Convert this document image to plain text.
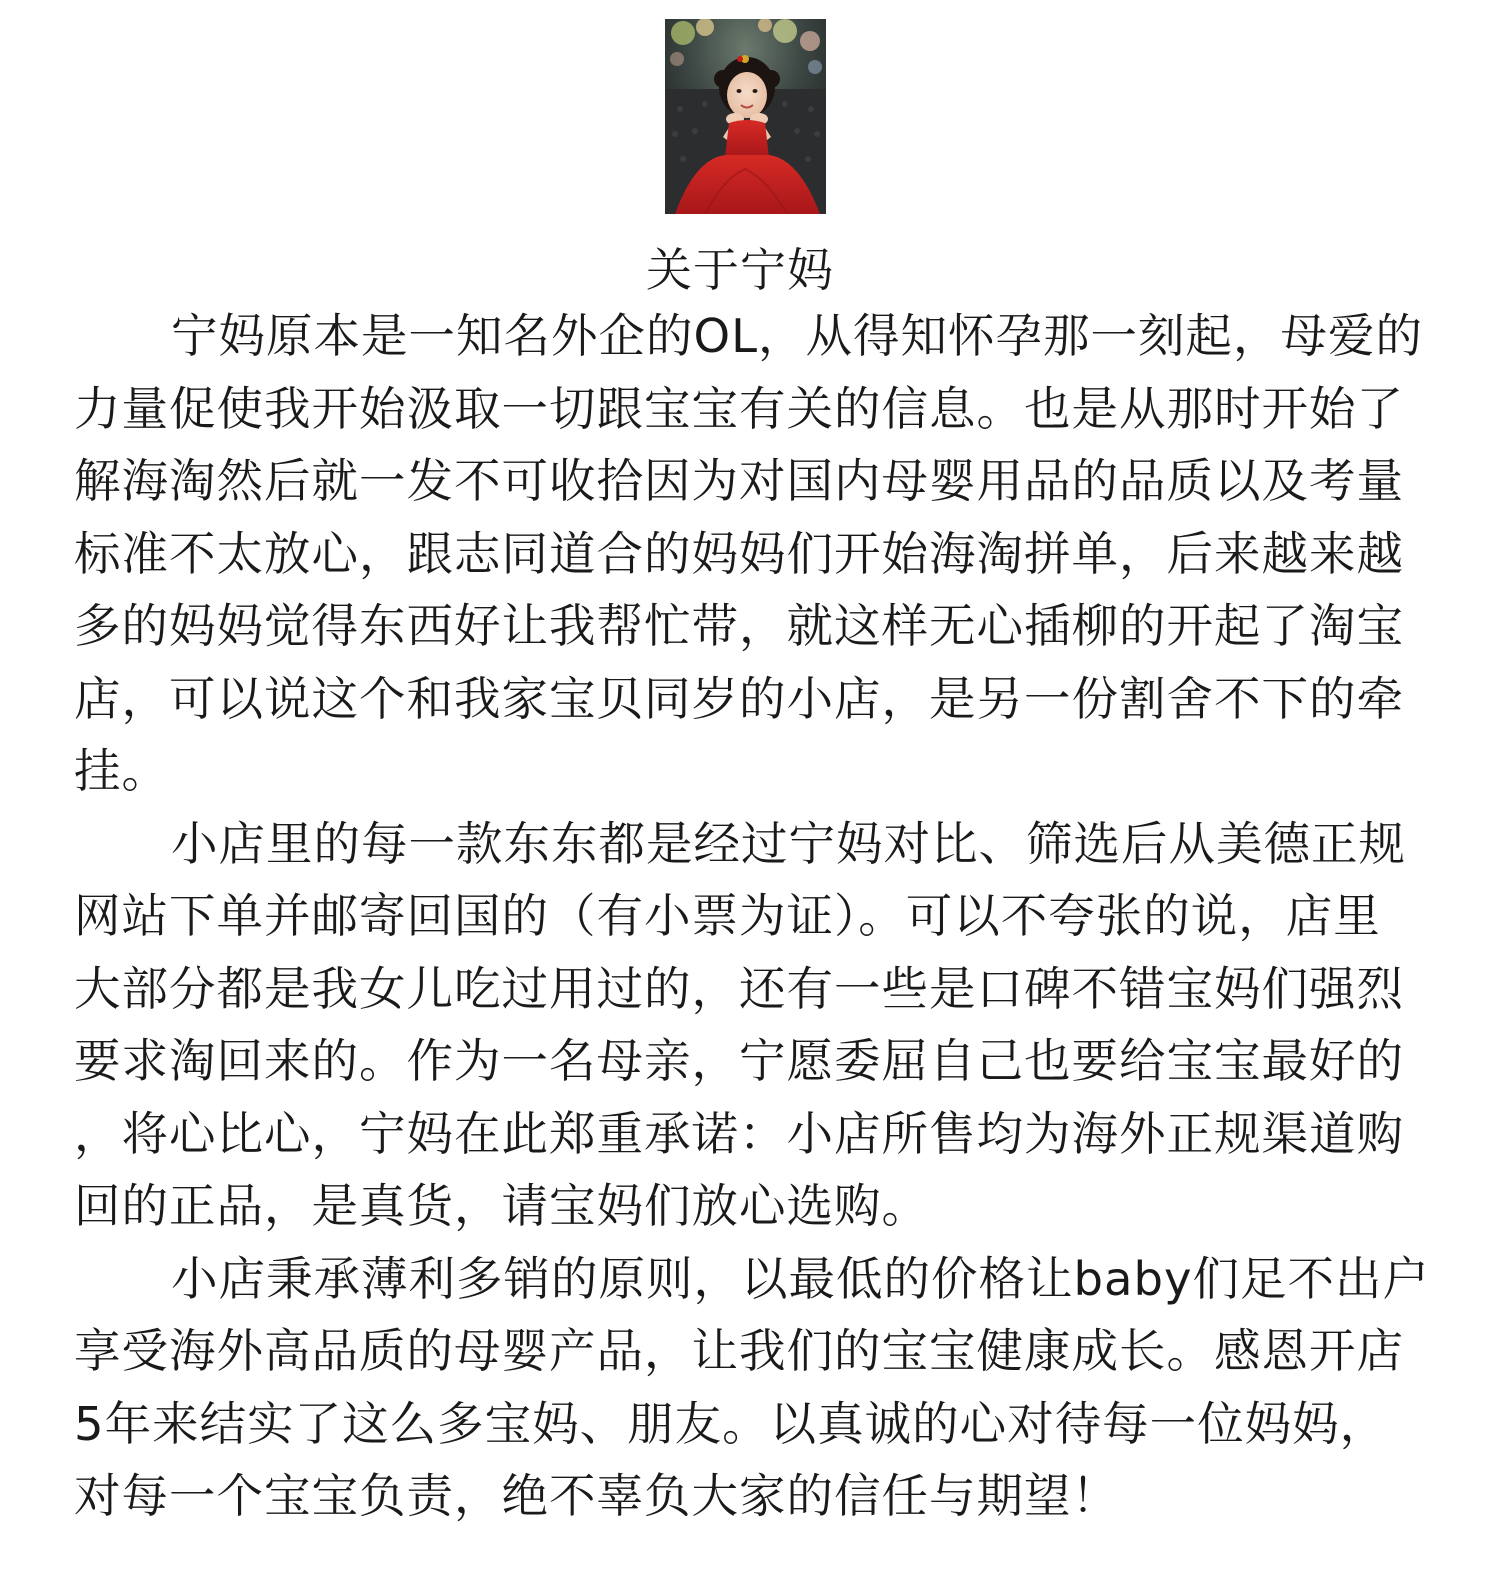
关于宁妈

宁妈原本是一知名外企的OL，从得知怀孕那一刻起，母爱的
力量促使我开始汲取一切跟宝宝有关的信息。也是从那时开始了
解海淘然后就一发不可收拾因为对国内母婴用品的品质以及考量
标准不太放心，跟志同道合的妈妈们开始海淘拼单，后来越来越
多的妈妈觉得东西好让我帮忙带，就这样无心插柳的开起了淘宝
店，可以说这个和我家宝贝同岁的小店，是另一份割舍不下的牵
挂。

小店里的每一款东东都是经过宁妈对比、筛选后从美德正规
网站下单并邮寄回国的（有小票为证）。可以不夸张的说，店里
大部分都是我女儿吃过用过的，还有一些是口碑不错宝妈们强烈
要求淘回来的。作为一名母亲，宁愿委屈自己也要给宝宝最好的
，将心比心，宁妈在此郑重承诺：小店所售均为海外正规渠道购
回的正品，是真货，请宝妈们放心选购。

小店秉承薄利多销的原则，以最低的价格让baby们足不出户
享受海外高品质的母婴产品，让我们的宝宝健康成长。感恩开店
5年来结实了这么多宝妈、朋友。以真诚的心对待每一位妈妈，
对每一个宝宝负责，绝不辜负大家的信任与期望！
